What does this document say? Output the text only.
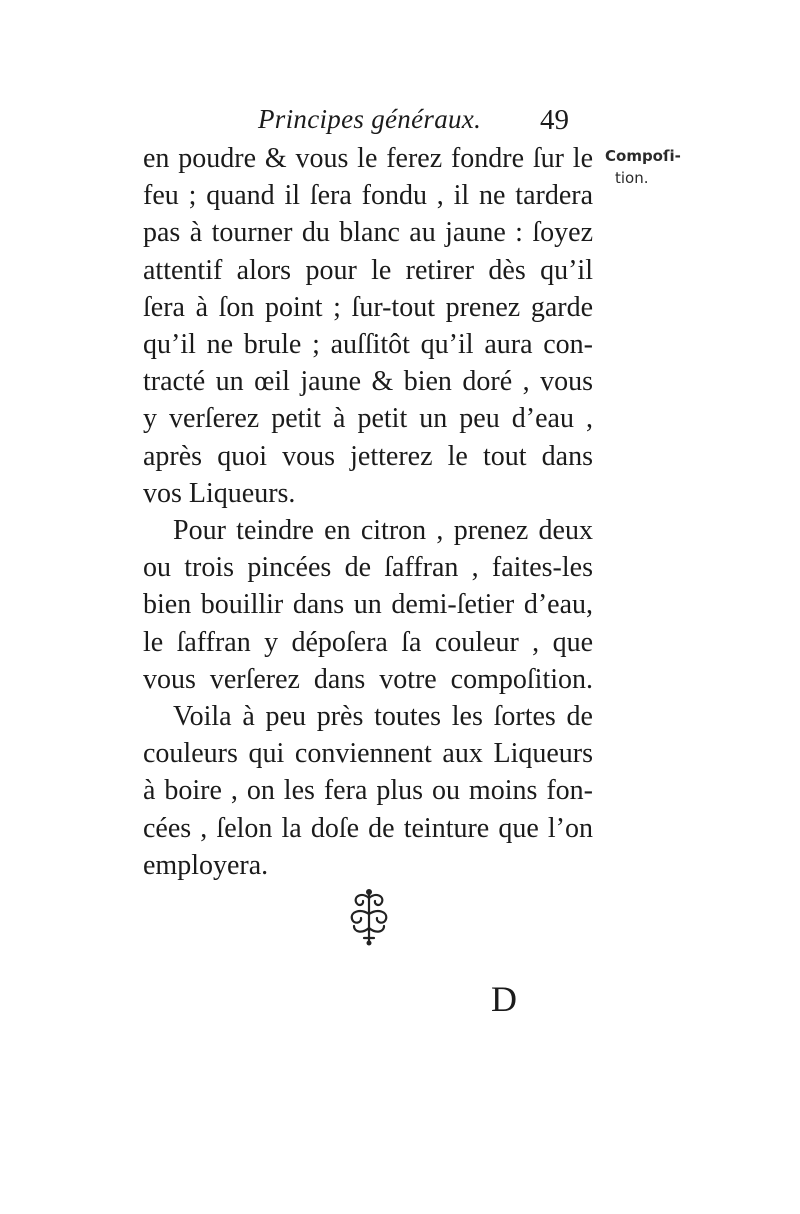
Principes généraux. 49
Compoſi-
tion.
en poudre & vous le ferez fondre ſur le
feu ; quand il ſera fondu , il ne tardera
pas à tourner du blanc au jaune : ſoyez
attentif alors pour le retirer dès qu’il
ſera à ſon point ; ſur-tout prenez garde
qu’il ne brule ; auſſitôt qu’il aura con-
tracté un œil jaune & bien doré , vous
y verſerez petit à petit un peu d’eau ,
après quoi vous jetterez le tout dans
vos Liqueurs.
Pour teindre en citron , prenez deux
ou trois pincées de ſaffran , faites-les
bien bouillir dans un demi-ſetier d’eau,
le ſaffran y dépoſera ſa couleur , que
vous verſerez dans votre compoſition.
Voila à peu près toutes les ſortes de
couleurs qui conviennent aux Liqueurs
à boire , on les fera plus ou moins fon-
cées , ſelon la doſe de teinture que l’on
employera.
D
